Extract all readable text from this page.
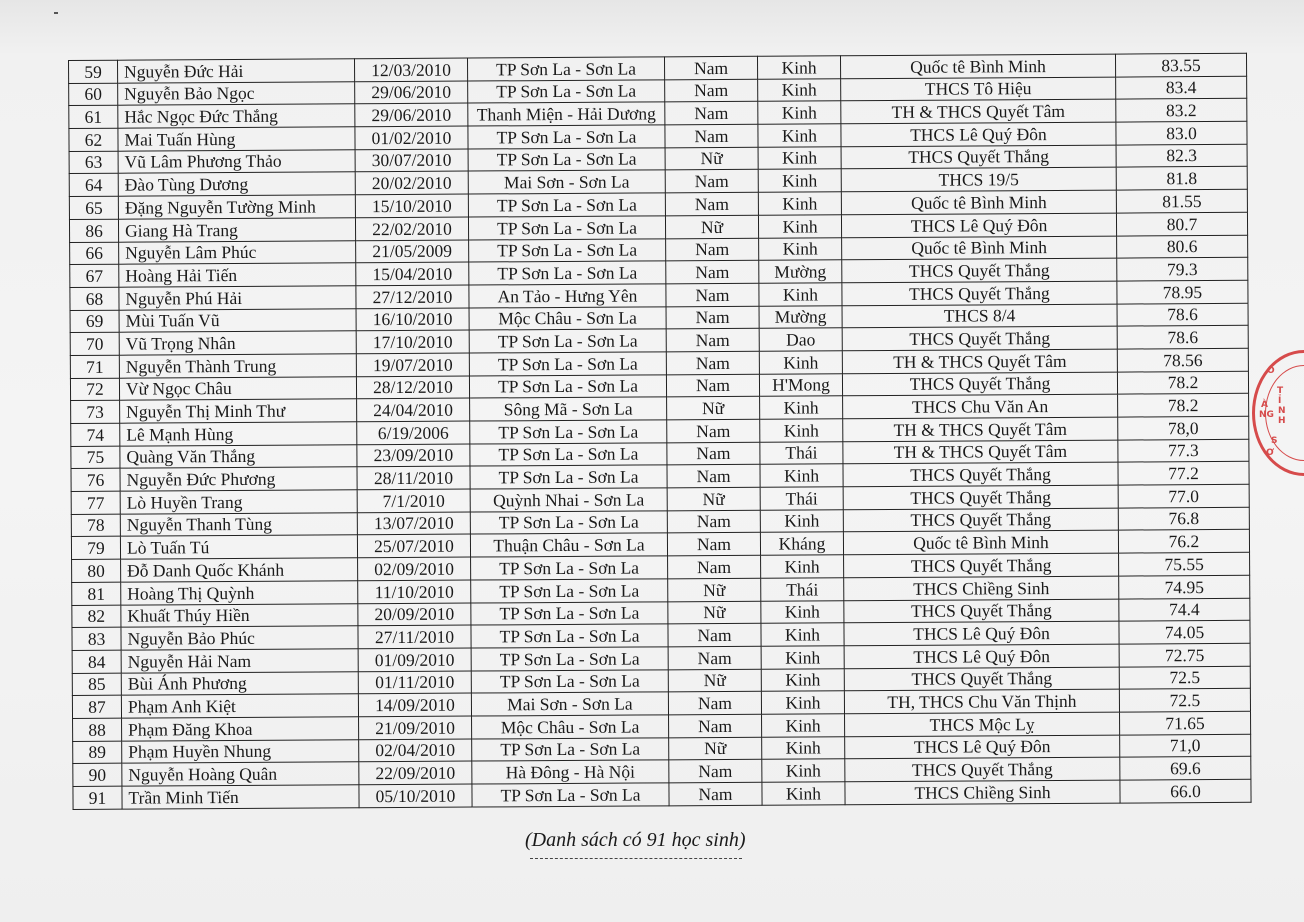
59	Nguyễn Đức Hải	12/03/2010	TP Sơn La - Sơn La	Nam	Kinh	Quốc tê Bình Minh	83.55
60	Nguyễn Bảo Ngọc	29/06/2010	TP Sơn La - Sơn La	Nam	Kinh	THCS Tô Hiệu	83.4
61	Hắc Ngọc Đức Thắng	29/06/2010	Thanh Miện - Hải Dương	Nam	Kinh	TH & THCS Quyết Tâm	83.2
62	Mai Tuấn Hùng	01/02/2010	TP Sơn La - Sơn La	Nam	Kinh	THCS Lê Quý Đôn	83.0
63	Vũ Lâm Phương Thảo	30/07/2010	TP Sơn La - Sơn La	Nữ	Kinh	THCS Quyết Thắng	82.3
64	Đào Tùng Dương	20/02/2010	Mai Sơn - Sơn La	Nam	Kinh	THCS 19/5	81.8
65	Đặng Nguyễn Tường Minh	15/10/2010	TP Sơn La - Sơn La	Nam	Kinh	Quốc tê Bình Minh	81.55
86	Giang Hà Trang	22/02/2010	TP Sơn La - Sơn La	Nữ	Kinh	THCS Lê Quý Đôn	80.7
66	Nguyễn Lâm Phúc	21/05/2009	TP Sơn La - Sơn La	Nam	Kinh	Quốc tê Bình Minh	80.6
67	Hoàng Hải Tiến	15/04/2010	TP Sơn La - Sơn La	Nam	Mường	THCS Quyết Thắng	79.3
68	Nguyễn Phú Hải	27/12/2010	An Tảo - Hưng Yên	Nam	Kinh	THCS Quyết Thắng	78.95
69	Mùi Tuấn Vũ	16/10/2010	Mộc Châu - Sơn La	Nam	Mường	THCS 8/4	78.6
70	Vũ Trọng Nhân	17/10/2010	TP Sơn La - Sơn La	Nam	Dao	THCS Quyết Thắng	78.6
71	Nguyễn Thành Trung	19/07/2010	TP Sơn La - Sơn La	Nam	Kinh	TH & THCS Quyết Tâm	78.56
72	Vừ Ngọc Châu	28/12/2010	TP Sơn La - Sơn La	Nam	H'Mong	THCS Quyết Thắng	78.2
73	Nguyễn Thị Minh Thư	24/04/2010	Sông Mã - Sơn La	Nữ	Kinh	THCS Chu Văn An	78.2
74	Lê Mạnh Hùng	6/19/2006	TP Sơn La - Sơn La	Nam	Kinh	TH & THCS Quyết Tâm	78,0
75	Quàng Văn Thắng	23/09/2010	TP Sơn La - Sơn La	Nam	Thái	TH & THCS Quyết Tâm	77.3
76	Nguyễn Đức Phương	28/11/2010	TP Sơn La - Sơn La	Nam	Kinh	THCS Quyết Thắng	77.2
77	Lò Huyền Trang	7/1/2010	Quỳnh Nhai - Sơn La	Nữ	Thái	THCS Quyết Thắng	77.0
78	Nguyễn Thanh Tùng	13/07/2010	TP Sơn La - Sơn La	Nam	Kinh	THCS Quyết Thắng	76.8
79	Lò Tuấn Tú	25/07/2010	Thuận Châu - Sơn La	Nam	Kháng	Quốc tê Bình Minh	76.2
80	Đỗ Danh Quốc Khánh	02/09/2010	TP Sơn La - Sơn La	Nam	Kinh	THCS Quyết Thắng	75.55
81	Hoàng Thị Quỳnh	11/10/2010	TP Sơn La - Sơn La	Nữ	Thái	THCS Chiềng Sinh	74.95
82	Khuất Thúy Hiền	20/09/2010	TP Sơn La - Sơn La	Nữ	Kinh	THCS Quyết Thắng	74.4
83	Nguyễn Bảo Phúc	27/11/2010	TP Sơn La - Sơn La	Nam	Kinh	THCS Lê Quý Đôn	74.05
84	Nguyễn Hải Nam	01/09/2010	TP Sơn La - Sơn La	Nam	Kinh	THCS Lê Quý Đôn	72.75
85	Bùi Ánh Phương	01/11/2010	TP Sơn La - Sơn La	Nữ	Kinh	THCS Quyết Thắng	72.5
87	Phạm Anh Kiệt	14/09/2010	Mai Sơn - Sơn La	Nam	Kinh	TH, THCS Chu Văn Thịnh	72.5
88	Phạm Đăng Khoa	21/09/2010	Mộc Châu - Sơn La	Nam	Kinh	THCS Mộc Lỵ	71.65
89	Phạm Huyền Nhung	02/04/2010	TP Sơn La - Sơn La	Nữ	Kinh	THCS Lê Quý Đôn	71,0
90	Nguyễn Hoàng Quân	22/09/2010	Hà Đông - Hà Nội	Nam	Kinh	THCS Quyết Thắng	69.6
91	Trần Minh Tiến	05/10/2010	TP Sơn La - Sơn La	Nam	Kinh	THCS Chiềng Sinh	66.0
(Danh sách có 91 học sinh)
O
T
Ỉ
N
H
À
NG
S
Ơ
